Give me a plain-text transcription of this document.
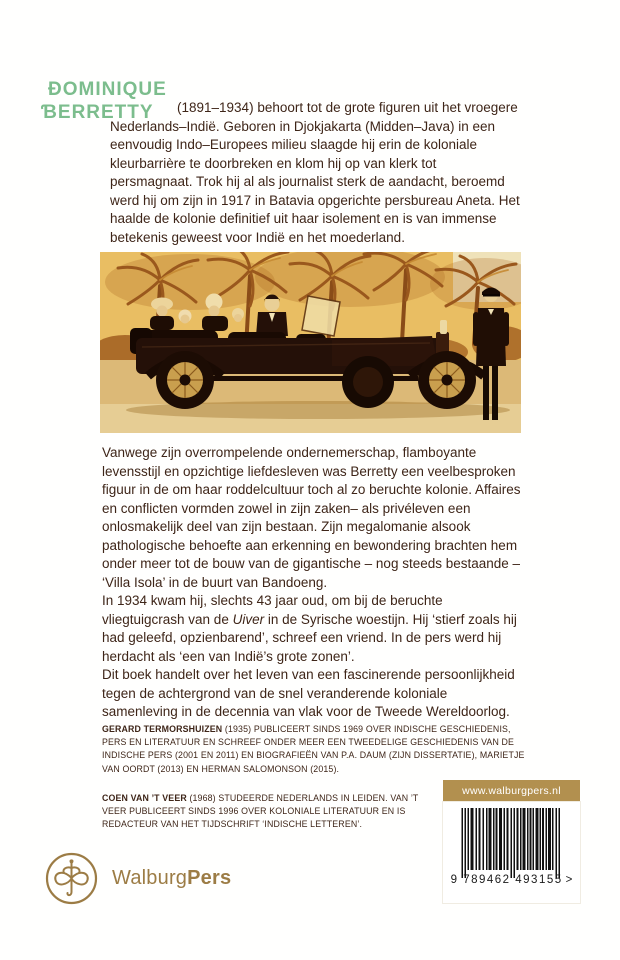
ĐOMINIQUE
ƁERRETTY	(1891–1934) behoort tot de grote figuren uit het vroegere Nederlands–Indië. Geboren in Djokjakarta (Midden–Java) in een eenvoudig Indo–Europees milieu slaagde hij erin de koloniale kleurbarrière te doorbreken en klom hij op van klerk tot persmagnaat. Trok hij al als journalist sterk de aandacht, beroemd werd hij om zijn in 1917 in Batavia opgerichte persbureau Aneta. Het haalde de kolonie definitief uit haar isolement en is van immense betekenis geweest voor Indië en het moederland.

Vanwege zijn overrompelende ondernemerschap, flamboyante levensstijl en opzichtige liefdesleven was Berretty een veelbesproken figuur in de om haar roddelcultuur toch al zo beruchte kolonie. Affaires en conflicten vormden zowel in zijn zaken– als privéleven een onlosmakelijk deel van zijn bestaan. Zijn megalomanie alsook pathologische behoefte aan erkenning en bewondering brachten hem onder meer tot de bouw van de gigantische – nog steeds bestaande – ‘Villa Isola’ in de buurt van Bandoeng.

In 1934 kwam hij, slechts 43 jaar oud, om bij de beruchte vliegtuigcrash van de Uiver in de Syrische woestijn. Hij ‘stierf zoals hij had geleefd, opzienbarend’, schreef een vriend. In de pers werd hij herdacht als ‘een van Indië’s grote zonen’.

Dit boek handelt over het leven van een fascinerende persoonlijkheid tegen de achtergrond van de snel veranderende koloniale samenleving in de decennia van vlak voor de Tweede Wereldoorlog.

GERARD TERMORSHUIZEN (1935) PUBLICEERT SINDS 1969 OVER INDISCHE GESCHIEDENIS, PERS EN LITERATUUR EN SCHREEF ONDER MEER EEN TWEEDELIGE GESCHIEDENIS VAN DE INDISCHE PERS (2001 EN 2011) EN BIOGRAFIEËN VAN P.A. DAUM (ZIJN DISSERTATIE), MARIETJE VAN OORDT (2013) EN HERMAN SALOMONSON (2015).

COEN VAN ’T VEER (1968) STUDEERDE NEDERLANDS IN LEIDEN. VAN ’T VEER PUBLICEERT SINDS 1996 OVER KOLONIALE LITERATUUR EN IS REDACTEUR VAN HET TIJDSCHRIFT ‘INDISCHE LETTEREN’.

www.walburgpers.nl
9 789462 493155 >
WalburgPers
